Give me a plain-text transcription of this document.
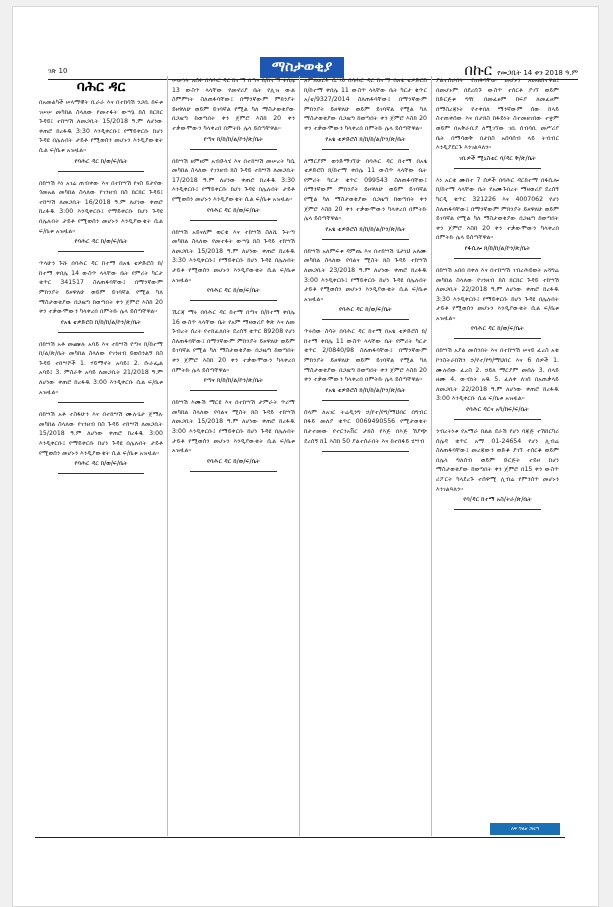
ገጽ 10	ማስታወቂያ	በኩር የመጋቢት 14 ቀን 2018 ዓ.ም
ባሕር ዳር
በአመልካች ሠላማዊት ቢራራ እና በተከሳሽ ንጋቢ ከፍቱ ገሠሠ መካከል ስላለው የመተፋት ውሣኔ ከስ ክርክር ጉዳይ፤ ተከሣሽ ለመጋቢት 15/2018 ዓ.ም ለሆነው ቀጠሮ ከረፋዱ 3:30 እንዲቀርቡ፤ የማይቀርቡ ከሆነ ጉዳዩ በሌሉበት ታይቶ የሚወሰን መሆኑን እንዲያውቁት ሲል ፍ/ቤቱ አዝዟል፡፡
የባሕር ዳር ከ/ወ/ፍ/ቤት
በከሣሽ እነ አገሬ ጠብቀው እና በተከሣሽ የናስ ይታየው ጎመአል መካከል ስላለው የገንዘብ ክስ ክርክር ጉዳይ፤ ተከሣሽ ለመጋቢት 16/2018 ዓ.ም ለሆነው ቀጠሮ ከረፋዱ 3:00 እንዲቀርቡ፤ የማይቀርቡ ከሆነ ጉዳዩ በሌሉበት ታይቶ የሚወሰን መሆኑን እንዲያውቁት ሲል ፍ/ቤቱ አዝዟል፡፡
የባሕር ዳር ከ/ወ/ፍ/ቤት
ጥላሁን ጉሹ በባሕር ዳር ከተማ በአፄ ቴዎድሮስ ክ/ከተማ ቀበሌ 14 ውስጥ ላላቸው ቤት የምሪት ካርታ ቁጥር 341517 ስለጠፋባቸው፤ በማንኛውም ምክንያት ይዞዋለሁ ወይም ይገባኛል የሚል ካለ ማስታወቂያው በጋዜጣ ከወጣበት ቀን ጀምሮ እስከ 20 ቀን ተቃውሞውን ካላቀረበ በምትኩ ሌላ ይሰጣቸዋል፡፡
የአፄ ቴዎድሮስ ክ/ከ/ከ/ል/ኮን/ጽ/ቤት
በከሣሽ አቶ መጬሉ አባይ እና ተከሣሽ የጣና ክ/ከተማ ከ/ል/ጽ/ቤት መካከል ስላለው የገንዘብ ይወሰንልኝ ክስ ጉዳይ ተከሣሾች 1. ሃይማኖት አባይ፤ 2. ሱራፌል አባይ፤ 3. ምስራቅ አባይ ለመጋቢት 21/2018 ዓ.ም ለሆነው ቀጠሮ ከረፋዱ 3:00 እንዲቀርቡ ሲል ፍ/ቤቱ አዝዟል፡፡
በከሣሽ አቶ ተስፋሁን እና በተከሣሽ ሙሉጌታ ጀማሉ መካከል ስላለው የገንዘብ ክስ ጉዳይ ተከሣሽ ለመጋቢት 15/2018 ዓ.ም ለሆነው ቀጠሮ ከረፋዱ 3:00 እንዲቀርቡ፤ የማይቀርቡ ከሆነ ጉዳዩ በሌሉበት ታይቶ የሚወሰን መሆኑን እንዲያውቁት ሲል ፍ/ቤቱ አዝዟል፡፡
የባሕር ዳር ከ/ወ/ፍ/ቤት
ሠውነት አሰፉ በባሕር ዳር ከተማ በጣና ክ/ከተማ ቀበሌ 13 ውስጥ ላላቸው የመኖሪያ ቤት የሊዝ ውል ስምምነት ስለጠፋባቸው፤ በማንኛውም ምክንያት ይዞዋለሁ ወይም ይገባኛል የሚል ካለ ማስታወቂያው በጋዜጣ ከወጣበት ቀን ጀምሮ እስከ 20 ቀን ተቃውሞውን ካላቀረበ በምትኩ ሌላ ይሰጣቸዋል፡፡
የጣና ክ/ከ/ከ/ል/ኮን/ጽ/ቤት
በከሣሽ ዘምዘም አብድላሂ እና በተከሣሽ መሠረት ካሴ መካከል ስላለው የገንዘብ ክስ ጉዳይ ተከሣሽ ለመጋቢት 17/2018 ዓ.ም ለሆነው ቀጠሮ ከረፋዱ 3:30 እንዲቀርቡ፤ የማይቀርቡ ከሆነ ጉዳዩ በሌሉበት ታይቶ የሚወሰን መሆኑን እንዲያውቁት ሲል ፍ/ቤቱ አዝዟል፡፡
የባሕር ዳር ከ/ወ/ፍ/ቤት
በከሣሽ አይናለም ወርቁ እና ተከሣሽ ስለሺ ጉትጣ መካከል ስላለው የመተፋት ውሣኔ ክስ ጉዳይ ተከሣሽ ለመጋቢት 15/2018 ዓ.ም ለሆነው ቀጠሮ ከረፋዱ 3:30 እንዲቀርቡ፤ የማይቀርቡ ከሆነ ጉዳዩ በሌሉበት ታይቶ የሚወሰን መሆኑን እንዲያውቁት ሲል ፍ/ቤቱ አዝዟል፡፡
የባሕር ዳር ከ/ወ/ፍ/ቤት
ኼርጃ ማሩ በባሕር ዳር ከተማ በጣና ክ/ከተማ ቀበሌ 16 ውስጥ ላላቸው ቤት የአም ማዛወሪያ ቅጽ እና ለመ ጉብረት ሰረት የተከፈለበት ደረሰኝ ቁጥር 89208 የሆነ ስለጠፋባቸው፤ በማንኛውም ምክንያት ይዞዋለሁ ወይም ይገባኛል የሚል ካለ ማስታወቂያው በጋዜጣ ከወጣበት ቀን ጀምሮ እስከ 20 ቀን ተቃውሞውን ካላቀረበ በምትኩ ሌላ ይሰጣቸዋል፡፡
የጣና ክ/ከ/ከ/ል/ኮን/ጽ/ቤት
በከሣሽ እሙሽ ማርዩ እና በተከሣሽ ታምራት ጥሪማ መካከል ስላለው የባልና ሚስት ክስ ጉዳይ ተከሣሽ ለመጋቢት 15/2018 ዓ.ም ለሆነው ቀጠሮ ከረፋዱ 3:00 እንዲቀርቡ፤ የማይቀርቡ ከሆነ ጉዳዩ በሌሉበት ታይቶ የሚወሰን መሆኑን እንዲያውቁት ሲል ፍ/ቤቱ አዝዟል፡፡
የባሕር ዳር ከ/ወ/ፍ/ቤት
አምለወርቅ ሲሣይ በባሕር ዳር ከተማ በአፄ ቴዎድሮስ ክ/ከተማ ቀበሌ 11 ውስጥ ላላቸው ቤት ካርታ ቁጥር አ/ቴ/9327/2014 ስለጠፋባቸው፤ በማንኛውም ምክንያት ይዞዋለሁ ወይም ይገባኛል የሚል ካለ ማስታወቂያው በጋዜጣ ከወጣበት ቀን ጀምሮ እስከ 20 ቀን ተቃውሞውን ካላቀረበ በምትኩ ሌላ ይሰጣቸዋል፡፡
የአፄ ቴዎድሮስ ክ/ከ/ከ/ል/ኮን/ጽ/ቤት
ለማርያም ወንድማገኘሁ በባሕር ዳር ከተማ በአፄ ቴዎድሮስ ክ/ከተማ ቀበሌ 11 ውስጥ ላላቸው ቤት የምሪት ካርታ ቁጥር 099543 ስለጠፋባቸው፤ በማንኛውም ምክንያት ይዞዋለሁ ወይም ይገባኛል የሚል ካለ ማስታወቂያው በጋዜጣ ከወጣበት ቀን ጀምሮ እስከ 20 ቀን ተቃውሞውን ካላቀረበ በምትኩ ሌላ ይሰጣቸዋል፡፡
የአፄ ቴዎድሮስ ክ/ከ/ከ/ል/ኮን/ጽ/ቤት
በከሣሽ አለምፍቱ ዳምጤ እና በተከሣሽ ጌታነህ አለሙ መካከል ስላለው የባልና ሚስት ክስ ጉዳይ ተከሣሽ ለመጋቢት 23/2018 ዓ.ም ለሆነው ቀጠሮ ከረፋዱ 3:00 እንዲቀርቡ፤ የማይቀርቡ ከሆነ ጉዳዩ በሌሉበት ታይቶ የሚወሰን መሆኑን እንዲያውቁት ሲል ፍ/ቤቱ አዝዟል፡፡
የባሕር ዳር ከ/ወ/ፍ/ቤት
ጥሩሰው ስሳት በባሕር ዳር ከተማ በአፄ ቴዎድሮስ ክ/ከተማ ቀበሌ 11 ውስጥ ላላቸው ቤት የምሪት ካርታ ቁጥር 2/0840/98 ስለጠፋባቸው፤ በማንኛውም ምክንያት ይዞዋለሁ ወይም ይገባኛል የሚል ካለ ማስታወቂያው በጋዜጣ ከወጣበት ቀን ጀምሮ እስከ 20 ቀን ተቃውሞውን ካላቀረበ በምትኩ ሌላ ይሰጣቸዋል፡፡
የአፄ ቴዎድሮስ ክ/ከ/ከ/ል/ኮን/ጽ/ቤት
ሰላም ለአገር ትሬዲንግ ኃ/የተ/የግ/ማህበር በግብር ከፋይ መለያ ቁጥር 0069490556 የሚታወቁት ከታተመው የተርንኦቨር ታክስ የእጅ በእጅ ሽያጭ ደረሰኝ ከ1 እስከ 50 ያልተሰራበት እና ከተከፋይ ሂሣብ
ያልተሰራበት የጠፋባቸው መሆኑን አመልክተዋል፤ በመሆኑም በደረሰኙ ውስጥ ተሰርቶ ያገኘ ወይም ከድርጅቱ ግዥ በመፈፀም ከፍያ ለመፈፀም በማስረጃነት የተቀበለ ማንኛውም ሰው ከላይ ስተጠቀሰው እና በታክስ ከፋይነት ስተመዘገበው ተቋም ወይም በአቅራቢያ ለሚገኘው ገቢ ሰብሳቢ መሥሪያ ቤት በማሳወቅ በታክስ አሰባሰብ ላይ ትብብር እንዲያደርጉ እንገልጻለን፡፡
ገቢዎች ሚኒስቴር ባ/ዳር ቅ/ጽ/ቤት
እነ አርቁ ሙከተ 7 ሰዎች በባሕር ዳርከተማ በፋሲሎ ክ/ከተማ ላላቸው ቤት የአሙጉበረት ማዛወሪያ ደረሰኝ ካርዲ ቁጥር 321226 እና 4007062 የሆነ ስለጠፋባቸው፤ በማንኛውም ምክንያት ይዞዋለሁ ወይም ይገባኛል የሚል ካለ ማስታወቂያው በጋዜጣ ከወጣበት ቀን ጀምሮ እስከ 20 ቀን ተቃውሞውን ካላቀረበ በምትኩ ሌላ ይሰጣቸዋል፡፡
የፋሲሎ ክ/ከ/ከ/ል/ኮን/ጽ/ቤት
በከሣሽ አበበ በቀለ እና በተከሣሽ ገብረሕይወት አሻግሬ መካከል ስላለው የገንዘብ ክስ ክርክር ጉዳይ ተከሣሽ ለመጋቢት 22/2018 ዓ.ም ለሆነው ቀጠሮ ከረፋዱ 3:30 እንዲቀርቡ፤ የማይቀርቡ ከሆነ ጉዳዩ በሌሉበት ታይቶ የሚወሰን መሆኑን እንዲያውቁት ሲል ፍ/ቤቱ አዝዟል፡፡
የባሕር ዳር ከ/ወ/ፍ/ቤት
በከሣሽ አያል መሰንበት እና በተከሣሽ ሠናይ ፈረስ አቁ ኮንስትራክሽን ኃ/የተ/የግ/ማህበር እና 6 ሰዎች 1. ሙሉሰው ፈረስ 2. ኃይለ ማርያም መሰሉ 3. በላይ ዘሙ 4. ውብነት አዱ 5. ፈለቀ ለገሰ በአጠቃላይ ለመጋቢት 22/2018 ዓ.ም ለሆነው ቀጠሮ ከረፋዱ 3:00 እንዲቀርቡ ሲል ፍ/ቤቱ አዝዟል፡፡
የባሕር ዳርና አካ/ከፍ/ፍ/ቤት
ንብረትነቱ የአማራ ክልል ደራሽ የሆነ ባጃጅ ተሽከርካሪ ሰሌዳ ቁጥር አማ 01-24654 የሆነ ሊብሬ ስለጠፋባቸው፤ መረጃውን ወድቆ ያገኘ ተሰርቆ ወይም በሌላ ግለሰብ ወይም ድርጅት ተይዞ ከሆነ ማስታወቂያው ከወጣበት ቀን ጀምሮ በ15 ቀን ውስጥ ሪፖርት ካላደረጉ ተሰዋሚ ሊብሬ የምንሰጥ መሆኑን እንገልጻለን፡፡
የባ/ዳር ከተማ አስ/ትራ/ጽ/ቤት
ለፍ ግልፀ ጋዜጣ
